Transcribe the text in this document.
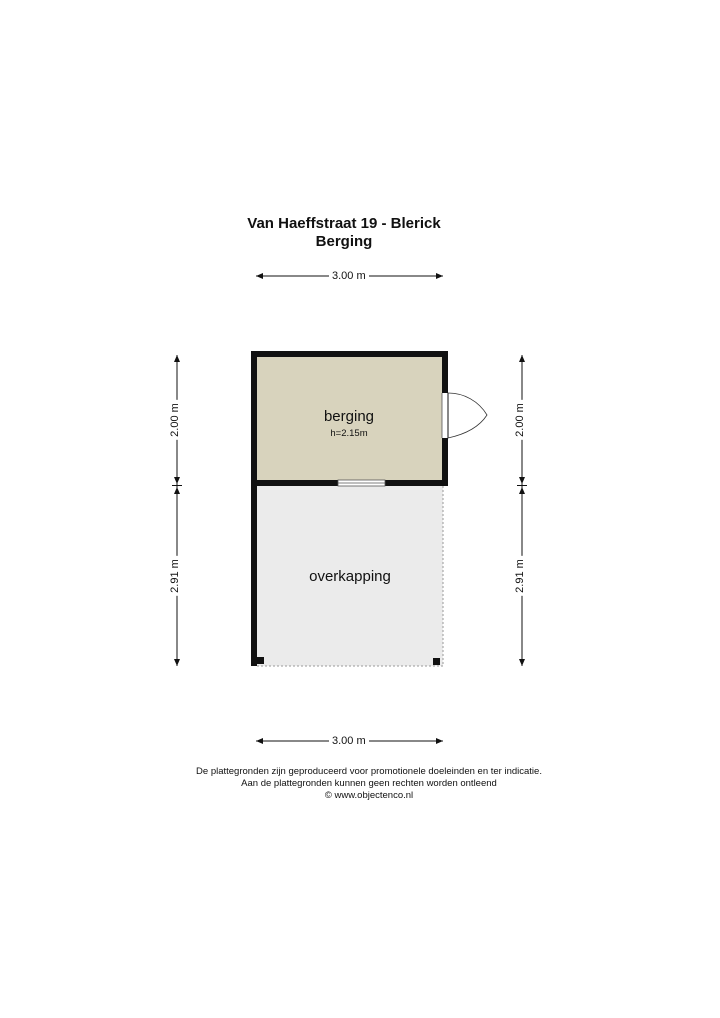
Van Haeffstraat 19 - Blerick
Berging
3.00 m
3.00 m
2.00 m
2.91 m
2.00 m
2.91 m
berging
h=2.15m
overkapping
De plattegronden zijn geproduceerd voor promotionele doeleinden en ter indicatie.
Aan de plattegronden kunnen geen rechten worden ontleend
© www.objectenco.nl
